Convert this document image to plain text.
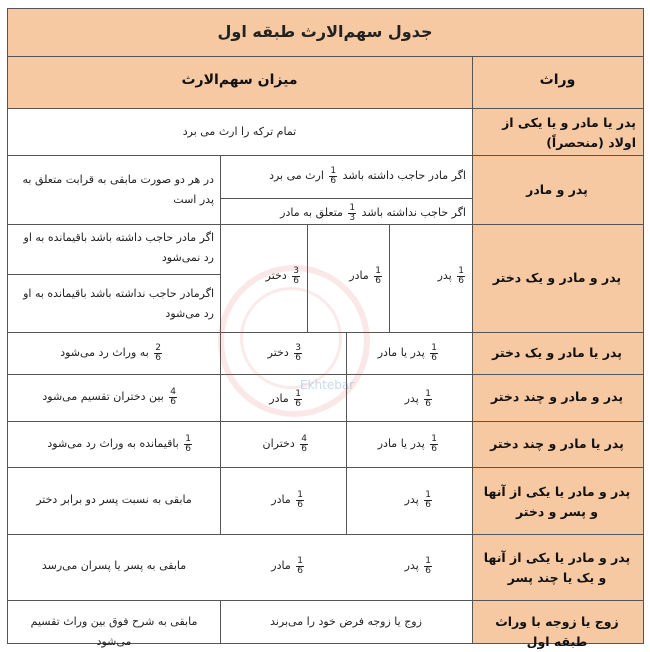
جدول سهم‌الارث طبقه اول
وراث
میزان سهم‌الارث
Ekhtebar
پدر یا مادر و یا یکی از اولاد (منحصراً)
تمام ترکه را ارث می برد
پدر و مادر
اگر مادر حاجب داشته باشد
$\frac{1}{6}$
ارث می برد
اگر حاجب نداشته باشد
$\frac{1}{3}$
متعلق به مادر
در هر دو صورت مابقی به قرابت متعلق به پدر است
پدر و مادر و یک دختر
$\frac{1}{6}$
پدر
$\frac{1}{6}$
مادر
$\frac{3}{6}$
دختر
اگر مادر حاجب داشته باشد باقیمانده به او رد نمی‌شود
اگرمادر حاجب نداشته باشد باقیمانده به او رد می‌شود
پدر یا مادر و یک دختر
$\frac{1}{6}$
پدر یا مادر
$\frac{3}{6}$
دختر
$\frac{2}{6}$
به وراث رد می‌شود
پدر و مادر و چند دختر
$\frac{1}{6}$
پدر
$\frac{1}{6}$
مادر
$\frac{4}{6}$
بین دختران تقسیم می‌شود
پدر یا مادر و چند دختر
$\frac{1}{6}$
پدر یا مادر
$\frac{4}{6}$
دختران
$\frac{1}{6}$
باقیمانده به وراث رد می‌شود
پدر و مادر یا یکی از آنها و پسر و دختر
$\frac{1}{6}$
پدر
$\frac{1}{6}$
مادر
مابقی به نسبت پسر دو برابر دختر
پدر و مادر یا یکی از آنها و یک یا چند پسر
$\frac{1}{6}$
پدر
$\frac{1}{6}$
مادر
مابقی به پسر یا پسران می‌رسد
زوج یا زوجه با وراث طبقه اول
زوج یا زوجه فرض خود را می‌برند
مابقی به شرح فوق بین وراث تقسیم می‌شود
